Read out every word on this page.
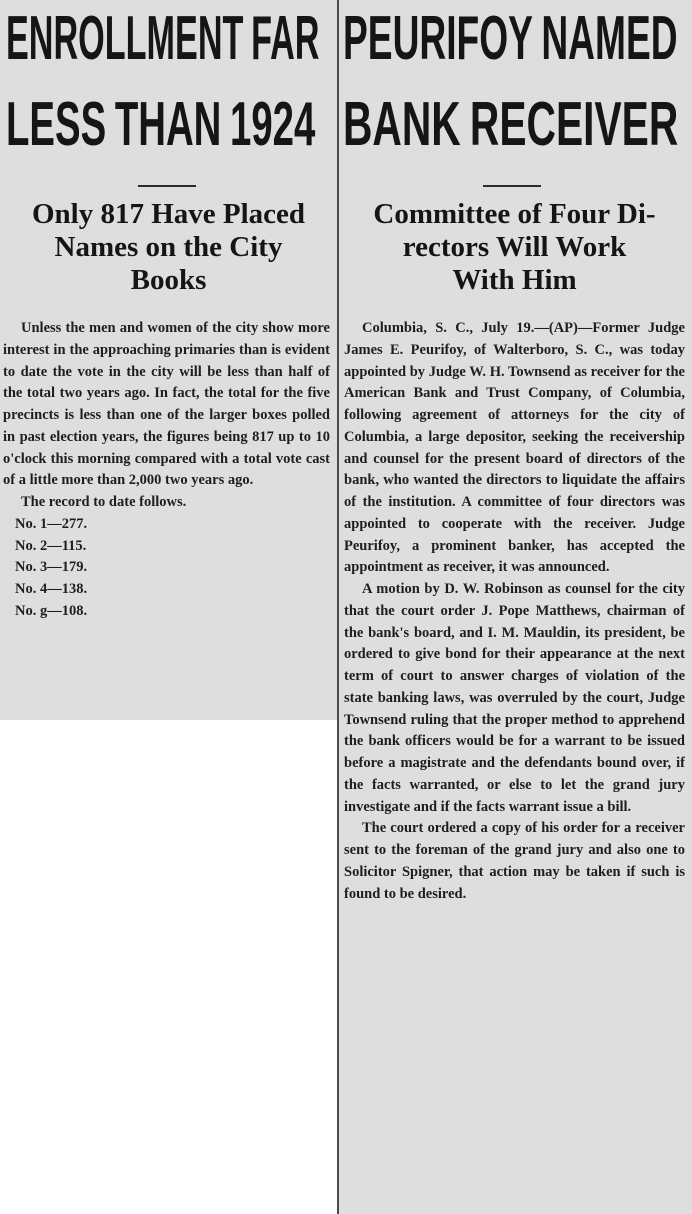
ENROLLMENT FAR
LESS THAN 1924
Only 817 Have Placed
Names on the City
Books

Unless the men and women of the city show more interest in the approaching primaries than is evident to date the vote in the city will be less than half of the total two years ago. In fact, the total for the five precincts is less than one of the larger boxes polled in past election years, the figures being 817 up to 10 o'clock this morning compared with a total vote cast of a little more than 2,000 two years ago.

The record to date follows.

No. 1—277.
No. 2—115.
No. 3—179.
No. 4—138.
No. g—108.
PEURIFOY NAMED
BANK RECEIVER
Committee of Four Di-
rectors Will Work
With Him

Columbia, S. C., July 19.—(AP)—Former Judge James E. Peurifoy, of Walterboro, S. C., was today appointed by Judge W. H. Townsend as receiver for the American Bank and Trust Company, of Columbia, following agreement of attorneys for the city of Columbia, a large depositor, seeking the receivership and counsel for the present board of directors of the bank, who wanted the directors to liquidate the affairs of the institution. A committee of four directors was appointed to cooperate with the receiver. Judge Peurifoy, a prominent banker, has accepted the appointment as receiver, it was announced.

A motion by D. W. Robinson as counsel for the city that the court order J. Pope Matthews, chairman of the bank's board, and I. M. Mauldin, its president, be ordered to give bond for their appearance at the next term of court to answer charges of violation of the state banking laws, was overruled by the court, Judge Townsend ruling that the proper method to apprehend the bank officers would be for a warrant to be issued before a magistrate and the defendants bound over, if the facts warranted, or else to let the grand jury investigate and if the facts warrant issue a bill.

The court ordered a copy of his order for a receiver sent to the foreman of the grand jury and also one to Solicitor Spigner, that action may be taken if such is found to be desired.
